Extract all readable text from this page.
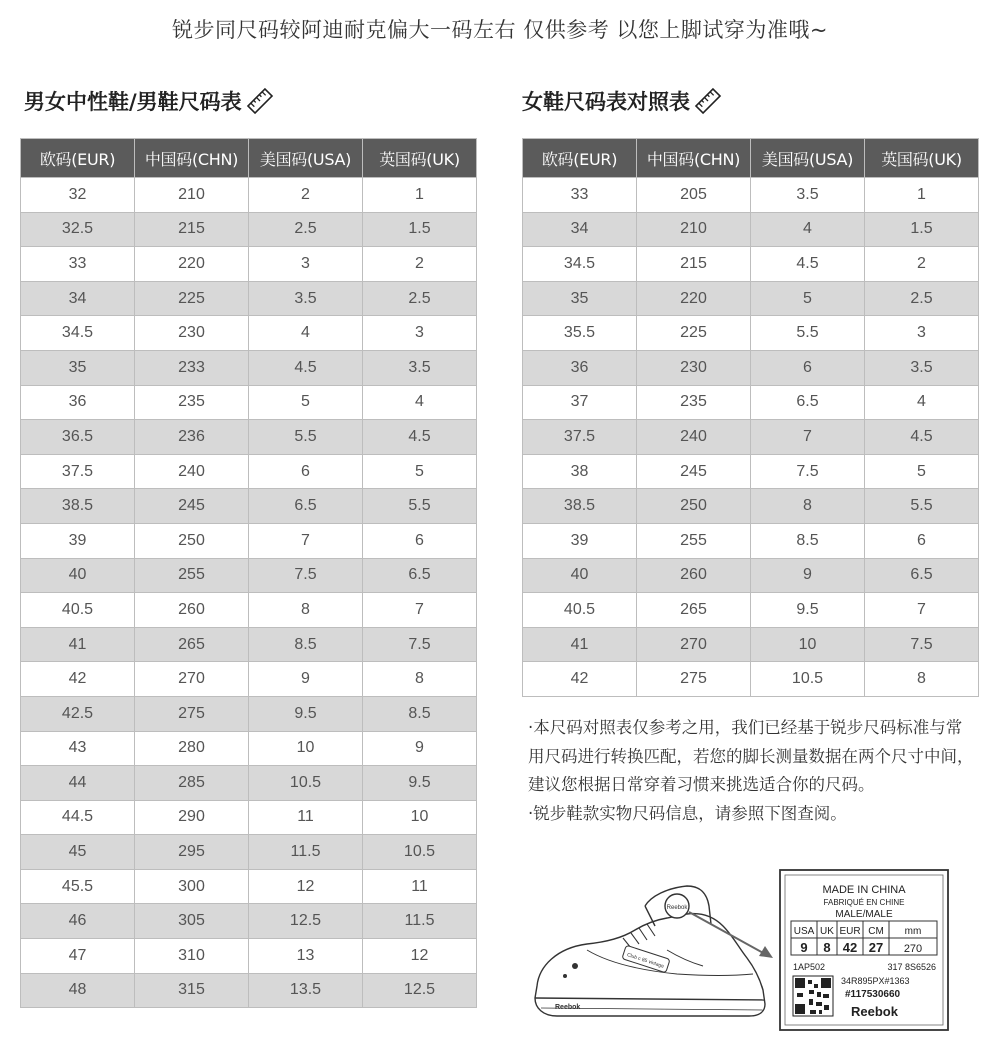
锐步同尺码较阿迪耐克偏大一码左右 仅供参考 以您上脚试穿为准哦~
男女中性鞋/男鞋尺码表
欧码(EUR)	中国码(CHN)	美国码(USA)	英国码(UK)
32	210	2	1
32.5	215	2.5	1.5
33	220	3	2
34	225	3.5	2.5
34.5	230	4	3
35	233	4.5	3.5
36	235	5	4
36.5	236	5.5	4.5
37.5	240	6	5
38.5	245	6.5	5.5
39	250	7	6
40	255	7.5	6.5
40.5	260	8	7
41	265	8.5	7.5
42	270	9	8
42.5	275	9.5	8.5
43	280	10	9
44	285	10.5	9.5
44.5	290	11	10
45	295	11.5	10.5
45.5	300	12	11
46	305	12.5	11.5
47	310	13	12
48	315	13.5	12.5
女鞋尺码表对照表
欧码(EUR)	中国码(CHN)	美国码(USA)	英国码(UK)
33	205	3.5	1
34	210	4	1.5
34.5	215	4.5	2
35	220	5	2.5
35.5	225	5.5	3
36	230	6	3.5
37	235	6.5	4
37.5	240	7	4.5
38	245	7.5	5
38.5	250	8	5.5
39	255	8.5	6
40	260	9	6.5
40.5	265	9.5	7
41	270	10	7.5
42	275	10.5	8

·本尺码对照表仅参考之用，我们已经基于锐步尺码标准与常用尺码进行转换匹配，若您的脚长测量数据在两个尺寸中间，建议您根据日常穿着习惯来挑选适合你的尺码。

·锐步鞋款实物尺码信息，请参照下图查阅。

Reebok
Club c 85 vintage
Reebok
MADE IN CHINA
FABRIQUÉ EN CHINE
MALE/MALE
USA UK EUR CM mm
9 8 42 27 270
1AP502	317 8S6526
34R895PX#1363
#117530660
Reebok
